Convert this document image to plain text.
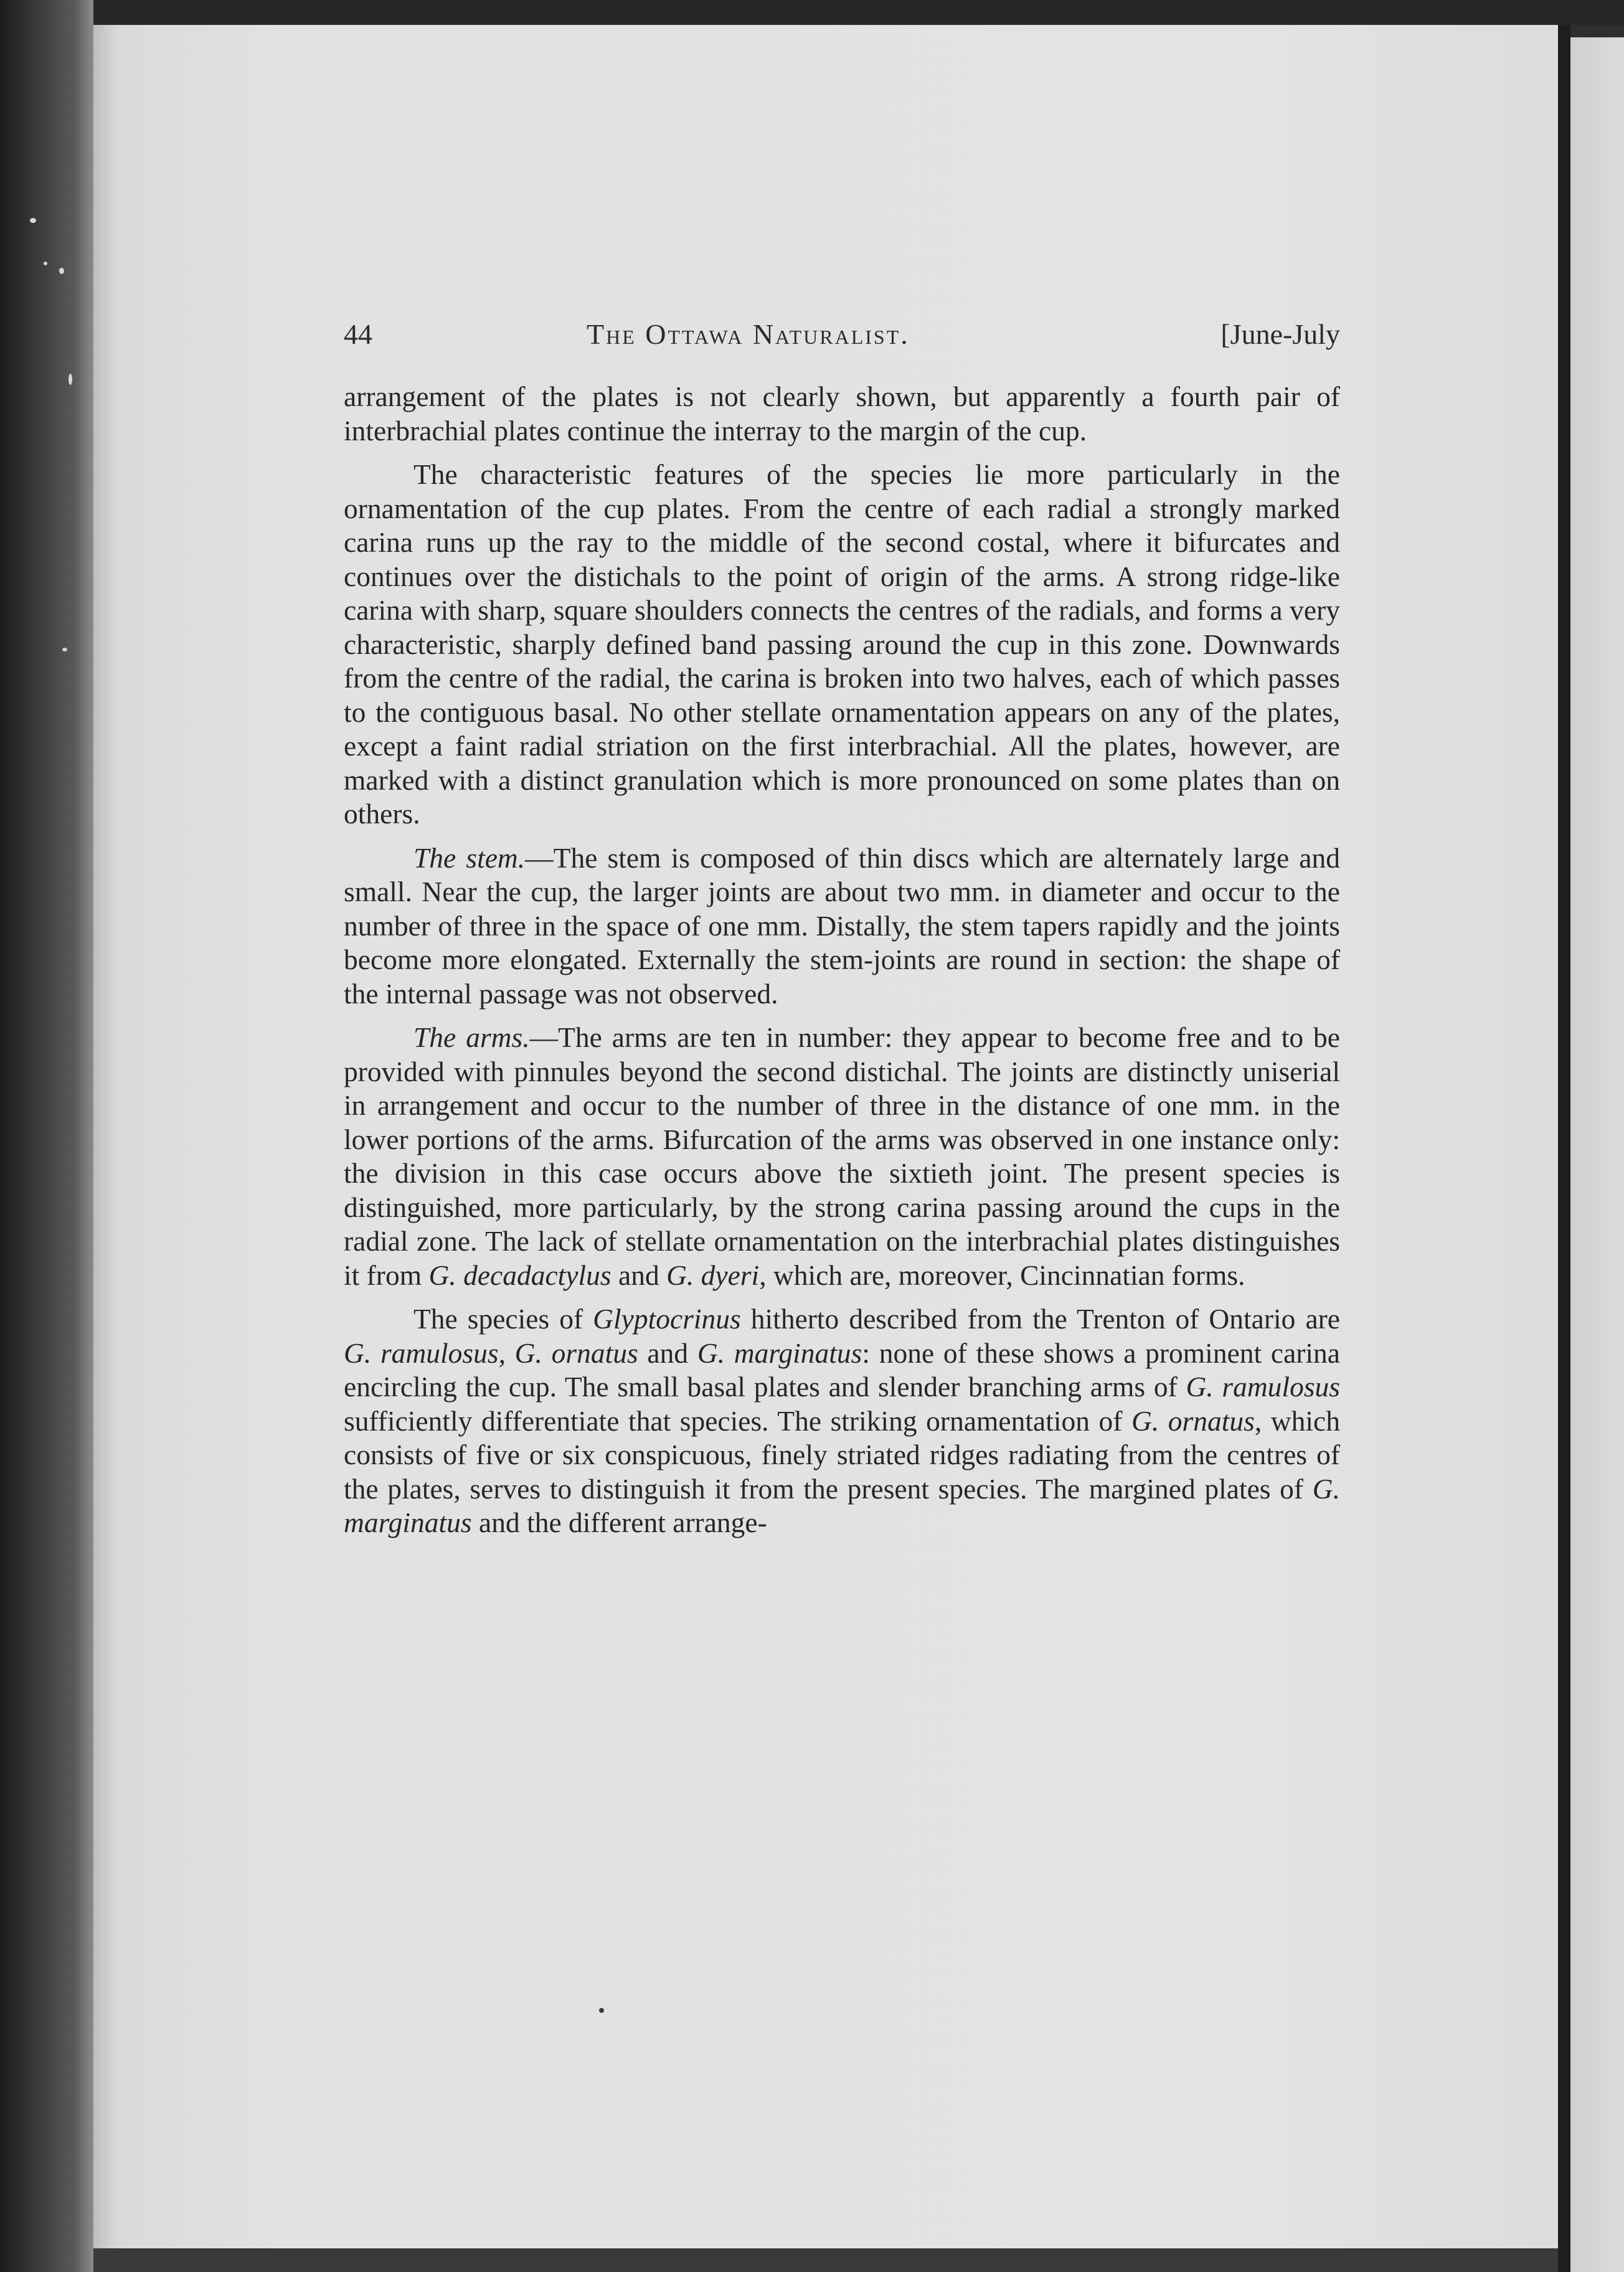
44	The Ottawa Naturalist.	[June-July

arrangement of the plates is not clearly shown, but apparently a fourth pair of interbrachial plates continue the interray to the margin of the cup.

The characteristic features of the species lie more particularly in the ornamentation of the cup plates. From the centre of each radial a strongly marked carina runs up the ray to the middle of the second costal, where it bifurcates and continues over the distichals to the point of origin of the arms. A strong ridge-like carina with sharp, square shoulders connects the centres of the radials, and forms a very characteristic, sharply defined band passing around the cup in this zone. Downwards from the centre of the radial, the carina is broken into two halves, each of which passes to the contiguous basal. No other stellate ornamentation appears on any of the plates, except a faint radial striation on the first interbrachial. All the plates, however, are marked with a distinct granulation which is more pronounced on some plates than on others.

The stem.—The stem is composed of thin discs which are alternately large and small. Near the cup, the larger joints are about two mm. in diameter and occur to the number of three in the space of one mm. Distally, the stem tapers rapidly and the joints become more elongated. Externally the stem-joints are round in section: the shape of the internal passage was not observed.

The arms.—The arms are ten in number: they appear to become free and to be provided with pinnules beyond the second distichal. The joints are distinctly uniserial in arrangement and occur to the number of three in the distance of one mm. in the lower portions of the arms. Bifurcation of the arms was observed in one instance only: the division in this case occurs above the sixtieth joint. The present species is distinguished, more particularly, by the strong carina passing around the cups in the radial zone. The lack of stellate ornamentation on the interbrachial plates distinguishes it from G. decadactylus and G. dyeri, which are, moreover, Cincinnatian forms.

The species of Glyptocrinus hitherto described from the Trenton of Ontario are G. ramulosus, G. ornatus and G. marginatus: none of these shows a prominent carina encircling the cup. The small basal plates and slender branching arms of G. ramulosus sufficiently differentiate that species. The striking ornamentation of G. ornatus, which consists of five or six conspicuous, finely striated ridges radiating from the centres of the plates, serves to distinguish it from the present species. The margined plates of G. marginatus and the different arrange-
